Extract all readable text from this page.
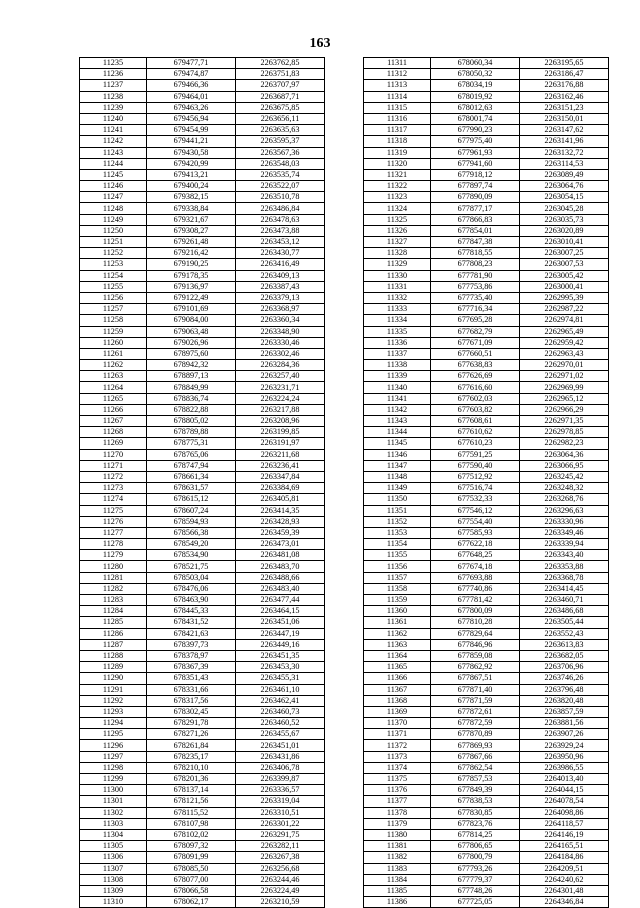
163
11235	679477,71	2263762,85
11236	679474,87	2263751,83
11237	679466,36	2263707,97
11238	679464,01	2263687,71
11239	679463,26	2263675,85
11240	679456,94	2263656,11
11241	679454,99	2263635,63
11242	679441,21	2263595,37
11243	679430,58	2263567,36
11244	679420,99	2263548,03
11245	679413,21	2263535,74
11246	679400,24	2263522,07
11247	679382,15	2263510,78
11248	679338,84	2263486,84
11249	679321,67	2263478,63
11250	679308,27	2263473,88
11251	679261,48	2263453,12
11252	679216,42	2263430,77
11253	679190,25	2263416,49
11254	679178,35	2263409,13
11255	679136,97	2263387,43
11256	679122,49	2263379,13
11257	679101,69	2263368,97
11258	679084,00	2263360,34
11259	679063,48	2263348,90
11260	679026,96	2263330,46
11261	678975,60	2263302,46
11262	678942,32	2263284,36
11263	678897,13	2263257,40
11264	678849,99	2263231,71
11265	678836,74	2263224,24
11266	678822,88	2263217,88
11267	678805,02	2263208,96
11268	678789,88	2263199,85
11269	678775,31	2263191,97
11270	678765,06	2263211,68
11271	678747,94	2263236,41
11272	678661,34	2263347,84
11273	678631,57	2263384,69
11274	678615,12	2263405,81
11275	678607,24	2263414,35
11276	678594,93	2263428,93
11277	678566,38	2263459,39
11278	678549,20	2263473,01
11279	678534,90	2263481,08
11280	678521,75	2263483,70
11281	678503,04	2263488,66
11282	678476,06	2263483,40
11283	678463,90	2263477,44
11284	678445,33	2263464,15
11285	678431,52	2263451,06
11286	678421,63	2263447,19
11287	678397,73	2263449,16
11288	678378,97	2263451,35
11289	678367,39	2263453,30
11290	678351,43	2263455,31
11291	678331,66	2263461,10
11292	678317,56	2263462,41
11293	678302,45	2263460,73
11294	678291,78	2263460,52
11295	678271,26	2263455,67
11296	678261,84	2263451,01
11297	678235,17	2263431,86
11298	678210,10	2263406,78
11299	678201,36	2263399,87
11300	678137,14	2263336,57
11301	678121,56	2263319,04
11302	678115,52	2263310,51
11303	678107,98	2263301,22
11304	678102,02	2263291,75
11305	678097,32	2263282,11
11306	678091,99	2263267,38
11307	678085,50	2263256,68
11308	678077,00	2263244,46
11309	678066,58	2263224,49
11310	678062,17	2263210,59
11311	678060,34	2263195,65
11312	678050,32	2263186,47
11313	678034,19	2263176,88
11314	678019,92	2263162,46
11315	678012,63	2263151,23
11316	678001,74	2263150,01
11317	677990,23	2263147,62
11318	677975,40	2263141,96
11319	677961,93	2263132,72
11320	677941,60	2263114,53
11321	677918,12	2263089,49
11322	677897,74	2263064,76
11323	677890,09	2263054,15
11324	677877,17	2263045,28
11325	677866,83	2263035,73
11326	677854,01	2263020,89
11327	677847,38	2263010,41
11328	677818,55	2263007,25
11329	677808,23	2263007,53
11330	677781,90	2263005,42
11331	677753,86	2263000,41
11332	677735,40	2262995,39
11333	677716,34	2262987,22
11334	677695,28	2262974,81
11335	677682,79	2262965,49
11336	677671,09	2262959,42
11337	677660,51	2262963,43
11338	677638,83	2262970,01
11339	677626,69	2262971,02
11340	677616,60	2262969,99
11341	677602,03	2262965,12
11342	677603,82	2262966,29
11343	677608,61	2262971,35
11344	677610,62	2262978,85
11345	677610,23	2262982,23
11346	677591,25	2263064,36
11347	677590,40	2263066,95
11348	677512,92	2263245,42
11349	677516,74	2263248,32
11350	677532,33	2263268,76
11351	677546,12	2263296,63
11352	677554,40	2263330,96
11353	677585,93	2263349,46
11354	677622,18	2263339,94
11355	677648,25	2263343,40
11356	677674,18	2263353,88
11357	677693,88	2263368,78
11358	677740,86	2263414,45
11359	677781,42	2263460,71
11360	677800,09	2263486,68
11361	677810,28	2263505,44
11362	677829,64	2263552,43
11363	677846,96	2263613,83
11364	677859,08	2263682,05
11365	677862,92	2263706,96
11366	677867,51	2263746,26
11367	677871,40	2263796,48
11368	677871,59	2263820,48
11369	677872,61	2263857,59
11370	677872,59	2263881,56
11371	677870,89	2263907,26
11372	677869,93	2263929,24
11373	677867,66	2263950,96
11374	677862,54	2263986,55
11375	677857,53	2264013,40
11376	677849,39	2264044,15
11377	677838,53	2264078,54
11378	677830,85	2264098,86
11379	677823,76	2264118,57
11380	677814,25	2264146,19
11381	677806,65	2264165,51
11382	677800,79	2264184,86
11383	677793,26	2264209,51
11384	677779,37	2264240,62
11385	677748,26	2264301,48
11386	677725,05	2264346,84
